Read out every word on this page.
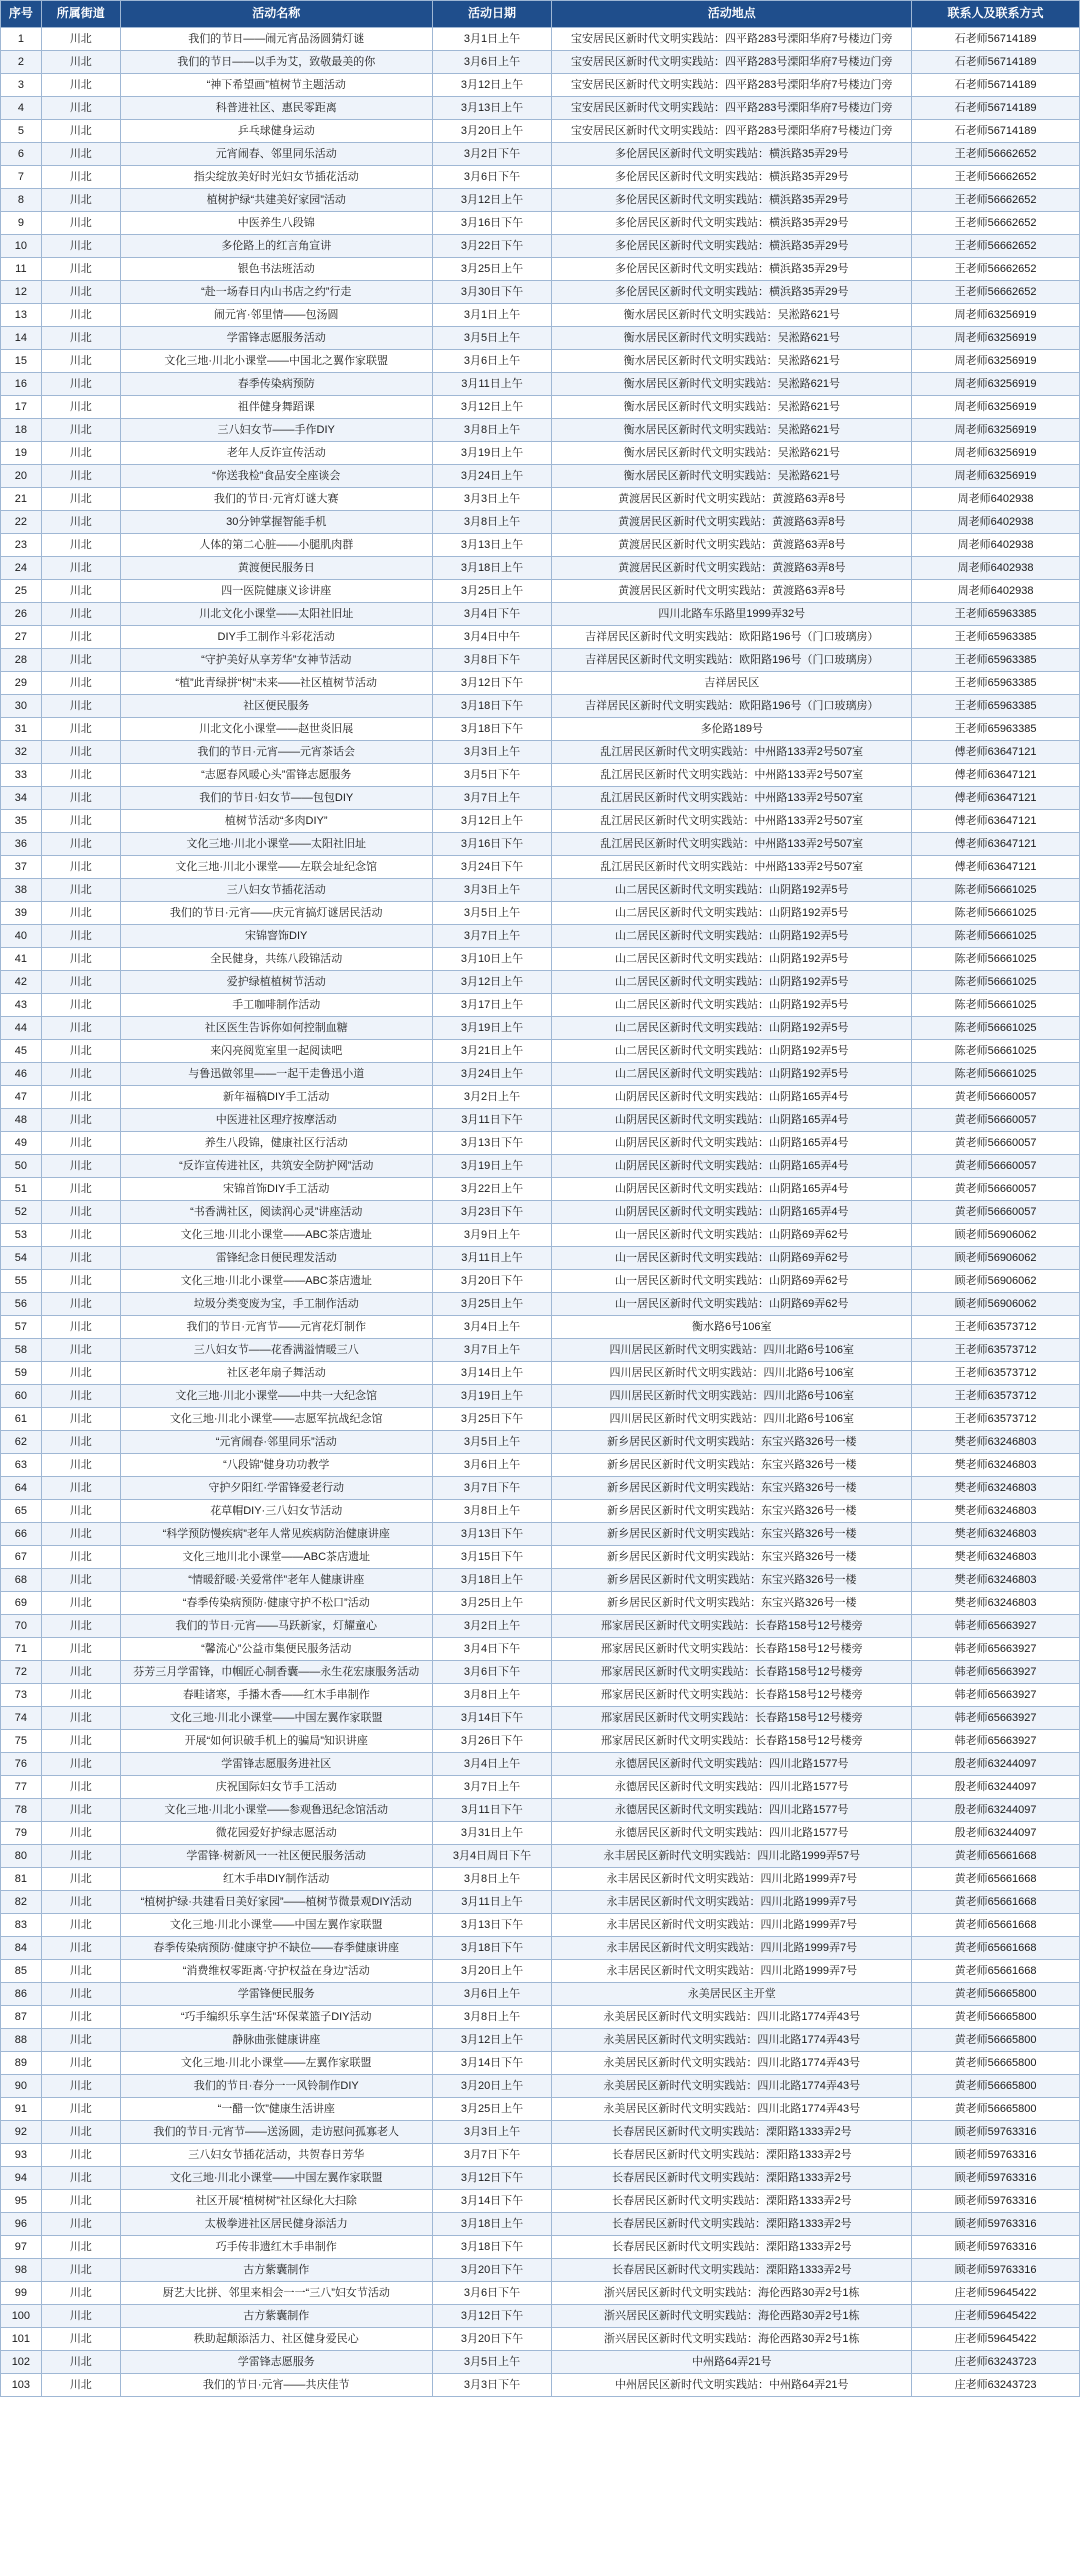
序号	所属街道	活动名称	活动日期	活动地点	联系人及联系方式
1	川北	我们的节日——闹元宵品汤圆猜灯谜	3月1日上午	宝安居民区新时代文明实践站：四平路283号溧阳华府7号楼边门旁	石老师56714189
2	川北	我们的节日——以手为艾，致敬最美的你	3月6日上午	宝安居民区新时代文明实践站：四平路283号溧阳华府7号楼边门旁	石老师56714189
3	川北	“神下希望画”植树节主题活动	3月12日上午	宝安居民区新时代文明实践站：四平路283号溧阳华府7号楼边门旁	石老师56714189
4	川北	科普进社区、惠民零距离	3月13日上午	宝安居民区新时代文明实践站：四平路283号溧阳华府7号楼边门旁	石老师56714189
5	川北	乒乓球健身运动	3月20日上午	宝安居民区新时代文明实践站：四平路283号溧阳华府7号楼边门旁	石老师56714189
6	川北	元宵闹春、邻里同乐活动	3月2日下午	多伦居民区新时代文明实践站：横浜路35弄29号	王老师56662652
7	川北	指尖绽放美好时光妇女节插花活动	3月6日下午	多伦居民区新时代文明实践站：横浜路35弄29号	王老师56662652
8	川北	植树护绿“共建美好家园”活动	3月12日上午	多伦居民区新时代文明实践站：横浜路35弄29号	王老师56662652
9	川北	中医养生八段锦	3月16日下午	多伦居民区新时代文明实践站：横浜路35弄29号	王老师56662652
10	川北	多伦路上的红言角宣讲	3月22日下午	多伦居民区新时代文明实践站：横浜路35弄29号	王老师56662652
11	川北	银色书法班活动	3月25日上午	多伦居民区新时代文明实践站：横浜路35弄29号	王老师56662652
12	川北	“赴一场春日内山书店之约”行走	3月30日下午	多伦居民区新时代文明实践站：横浜路35弄29号	王老师56662652
13	川北	闹元宵·邻里情——包汤圆	3月1日上午	衡水居民区新时代文明实践站：吴淞路621号	周老师63256919
14	川北	学雷锋志愿服务活动	3月5日上午	衡水居民区新时代文明实践站：吴淞路621号	周老师63256919
15	川北	文化三地·川北小课堂——中国北之翼作家联盟	3月6日上午	衡水居民区新时代文明实践站：吴淞路621号	周老师63256919
16	川北	春季传染病预防	3月11日上午	衡水居民区新时代文明实践站：吴淞路621号	周老师63256919
17	川北	祖伴健身舞蹈课	3月12日上午	衡水居民区新时代文明实践站：吴淞路621号	周老师63256919
18	川北	三八妇女节——手作DIY	3月8日上午	衡水居民区新时代文明实践站：吴淞路621号	周老师63256919
19	川北	老年人反诈宣传活动	3月19日上午	衡水居民区新时代文明实践站：吴淞路621号	周老师63256919
20	川北	“你送我检”食品安全座谈会	3月24日上午	衡水居民区新时代文明实践站：吴淞路621号	周老师63256919
21	川北	我们的节日·元宵灯谜大赛	3月3日上午	黄渡居民区新时代文明实践站：黄渡路63弄8号	周老师6402938
22	川北	30分钟掌握智能手机	3月8日上午	黄渡居民区新时代文明实践站：黄渡路63弄8号	周老师6402938
23	川北	人体的第二心脏——小腿肌肉群	3月13日上午	黄渡居民区新时代文明实践站：黄渡路63弄8号	周老师6402938
24	川北	黄渡便民服务日	3月18日上午	黄渡居民区新时代文明实践站：黄渡路63弄8号	周老师6402938
25	川北	四一医院健康义诊讲座	3月25日上午	黄渡居民区新时代文明实践站：黄渡路63弄8号	周老师6402938
26	川北	川北文化小课堂——太阳社旧址	3月4日下午	四川北路车乐路里1999弄32号	王老师65963385
27	川北	DIY手工制作斗彩花活动	3月4日中午	吉祥居民区新时代文明实践站：欧阳路196号（门口玻璃房）	王老师65963385
28	川北	“守护美好从享芳华”女神节活动	3月8日下午	吉祥居民区新时代文明实践站：欧阳路196号（门口玻璃房）	王老师65963385
29	川北	“植”此青绿拼“树”未来——社区植树节活动	3月12日下午	吉祥居民区	王老师65963385
30	川北	社区便民服务	3月18日下午	吉祥居民区新时代文明实践站：欧阳路196号（门口玻璃房）	王老师65963385
31	川北	川北文化小课堂——赵世炎旧展	3月18日下午	多伦路189号	王老师65963385
32	川北	我们的节日·元宵——元宵茶话会	3月3日上午	乱江居民区新时代文明实践站：中州路133弄2号507室	傅老师63647121
33	川北	“志愿春风暖心头”雷锋志愿服务	3月5日下午	乱江居民区新时代文明实践站：中州路133弄2号507室	傅老师63647121
34	川北	我们的节日·妇女节——包包DIY	3月7日上午	乱江居民区新时代文明实践站：中州路133弄2号507室	傅老师63647121
35	川北	植树节活动“多肉DIY”	3月12日上午	乱江居民区新时代文明实践站：中州路133弄2号507室	傅老师63647121
36	川北	文化三地·川北小课堂——太阳社旧址	3月16日下午	乱江居民区新时代文明实践站：中州路133弄2号507室	傅老师63647121
37	川北	文化三地·川北小课堂——左联会址纪念馆	3月24日下午	乱江居民区新时代文明实践站：中州路133弄2号507室	傅老师63647121
38	川北	三八妇女节插花活动	3月3日上午	山二居民区新时代文明实践站：山阴路192弄5号	陈老师56661025
39	川北	我们的节日·元宵——庆元宵搞灯谜居民活动	3月5日上午	山二居民区新时代文明实践站：山阴路192弄5号	陈老师56661025
40	川北	宋锦窨饰DIY	3月7日上午	山二居民区新时代文明实践站：山阴路192弄5号	陈老师56661025
41	川北	全民健身，共练八段锦活动	3月10日上午	山二居民区新时代文明实践站：山阴路192弄5号	陈老师56661025
42	川北	爱护绿植植树节活动	3月12日上午	山二居民区新时代文明实践站：山阴路192弄5号	陈老师56661025
43	川北	手工咖啡制作活动	3月17日上午	山二居民区新时代文明实践站：山阴路192弄5号	陈老师56661025
44	川北	社区医生告诉你如何控制血糖	3月19日上午	山二居民区新时代文明实践站：山阴路192弄5号	陈老师56661025
45	川北	来闪亮阅览室里一起阅读吧	3月21日上午	山二居民区新时代文明实践站：山阴路192弄5号	陈老师56661025
46	川北	与鲁迅做邻里——一起干走鲁迅小道	3月24日上午	山二居民区新时代文明实践站：山阴路192弄5号	陈老师56661025
47	川北	新年福稿DIY手工活动	3月2日上午	山阴居民区新时代文明实践站：山阴路165弄4号	黄老师56660057
48	川北	中医进社区理疗按摩活动	3月11日下午	山阴居民区新时代文明实践站：山阴路165弄4号	黄老师56660057
49	川北	养生八段锦，健康社区行活动	3月13日下午	山阴居民区新时代文明实践站：山阴路165弄4号	黄老师56660057
50	川北	“反诈宣传进社区，共筑安全防护网”活动	3月19日上午	山阴居民区新时代文明实践站：山阴路165弄4号	黄老师56660057
51	川北	宋锦首饰DIY手工活动	3月22日上午	山阴居民区新时代文明实践站：山阴路165弄4号	黄老师56660057
52	川北	“书香满社区，阅读润心灵”讲座活动	3月23日下午	山阴居民区新时代文明实践站：山阴路165弄4号	黄老师56660057
53	川北	文化三地·川北小课堂——ABC茶店遗址	3月9日上午	山一居民区新时代文明实践站：山阴路69弄62号	顾老师56906062
54	川北	雷锋纪念日便民理发活动	3月11日上午	山一居民区新时代文明实践站：山阴路69弄62号	顾老师56906062
55	川北	文化三地·川北小课堂——ABC茶店遗址	3月20日下午	山一居民区新时代文明实践站：山阴路69弄62号	顾老师56906062
56	川北	垃圾分类变废为宝，手工制作活动	3月25日上午	山一居民区新时代文明实践站：山阴路69弄62号	顾老师56906062
57	川北	我们的节日·元宵节——元宵花灯制作	3月4日上午	衡水路6号106室	王老师63573712
58	川北	三八妇女节——花香满溢情暖三八	3月7日上午	四川居民区新时代文明实践站：四川北路6号106室	王老师63573712
59	川北	社区老年扇子舞活动	3月14日上午	四川居民区新时代文明实践站：四川北路6号106室	王老师63573712
60	川北	文化三地·川北小课堂——中共一大纪念馆	3月19日上午	四川居民区新时代文明实践站：四川北路6号106室	王老师63573712
61	川北	文化三地·川北小课堂——志愿军抗战纪念馆	3月25日下午	四川居民区新时代文明实践站：四川北路6号106室	王老师63573712
62	川北	“元宵闹春·邻里同乐”活动	3月5日上午	新乡居民区新时代文明实践站：东宝兴路326号一楼	樊老师63246803
63	川北	“八段锦”健身功功教学	3月6日上午	新乡居民区新时代文明实践站：东宝兴路326号一楼	樊老师63246803
64	川北	守护夕阳红·学雷锋爱老行动	3月7日下午	新乡居民区新时代文明实践站：东宝兴路326号一楼	樊老师63246803
65	川北	花草帽DIY·三八妇女节活动	3月8日上午	新乡居民区新时代文明实践站：东宝兴路326号一楼	樊老师63246803
66	川北	“科学预防慢疾病”老年人常见疾病防治健康讲座	3月13日下午	新乡居民区新时代文明实践站：东宝兴路326号一楼	樊老师63246803
67	川北	文化三地川北小课堂——ABC茶店遗址	3月15日下午	新乡居民区新时代文明实践站：东宝兴路326号一楼	樊老师63246803
68	川北	“情暖舒暖·关爱常伴”老年人健康讲座	3月18日上午	新乡居民区新时代文明实践站：东宝兴路326号一楼	樊老师63246803
69	川北	“春季传染病预防·健康守护不松口”活动	3月25日上午	新乡居民区新时代文明实践站：东宝兴路326号一楼	樊老师63246803
70	川北	我们的节日·元宵——马跃新家，灯耀童心	3月2日上午	邢家居民区新时代文明实践站：长春路158号12号楼旁	韩老师65663927
71	川北	“馨流心”公益市集便民服务活动	3月4日下午	邢家居民区新时代文明实践站：长春路158号12号楼旁	韩老师65663927
72	川北	芬芳三月学雷锋，巾帼匠心制香囊——永生花宏康服务活动	3月6日下午	邢家居民区新时代文明实践站：长春路158号12号楼旁	韩老师65663927
73	川北	春畦诸寒，手播木香——红木手串制作	3月8日上午	邢家居民区新时代文明实践站：长春路158号12号楼旁	韩老师65663927
74	川北	文化三地·川北小课堂——中国左翼作家联盟	3月14日下午	邢家居民区新时代文明实践站：长春路158号12号楼旁	韩老师65663927
75	川北	开展“如何识破手机上的骗局”知识讲座	3月26日下午	邢家居民区新时代文明实践站：长春路158号12号楼旁	韩老师65663927
76	川北	学雷锋志愿服务进社区	3月4日上午	永德居民区新时代文明实践站：四川北路1577号	殷老师63244097
77	川北	庆祝国际妇女节手工活动	3月7日上午	永德居民区新时代文明实践站：四川北路1577号	殷老师63244097
78	川北	文化三地·川北小课堂——参观鲁迅纪念馆活动	3月11日下午	永德居民区新时代文明实践站：四川北路1577号	殷老师63244097
79	川北	微花园爱好护绿志愿活动	3月31日上午	永德居民区新时代文明实践站：四川北路1577号	殷老师63244097
80	川北	学雷锋·树新风一一社区便民服务活动	3月4日周日下午	永丰居民区新时代文明实践站：四川北路1999弄57号	黄老师65661668
81	川北	红木手串DIY制作活动	3月8日上午	永丰居民区新时代文明实践站：四川北路1999弄7号	黄老师65661668
82	川北	“植树护绿·共建看日美好家园”——植树节微景观DIY活动	3月11日上午	永丰居民区新时代文明实践站：四川北路1999弄7号	黄老师65661668
83	川北	文化三地·川北小课堂——中国左翼作家联盟	3月13日下午	永丰居民区新时代文明实践站：四川北路1999弄7号	黄老师65661668
84	川北	春季传染病预防·健康守护不缺位——春季健康讲座	3月18日下午	永丰居民区新时代文明实践站：四川北路1999弄7号	黄老师65661668
85	川北	“消费维权零距离·守护权益在身边”活动	3月20日上午	永丰居民区新时代文明实践站：四川北路1999弄7号	黄老师65661668
86	川北	学雷锋便民服务	3月6日上午	永美居民区主开堂	黄老师56665800
87	川北	“巧手编织乐享生活”环保菜篮子DIY活动	3月8日上午	永美居民区新时代文明实践站：四川北路1774弄43号	黄老师56665800
88	川北	静脉曲张健康讲座	3月12日上午	永美居民区新时代文明实践站：四川北路1774弄43号	黄老师56665800
89	川北	文化三地·川北小课堂——左翼作家联盟	3月14日下午	永美居民区新时代文明实践站：四川北路1774弄43号	黄老师56665800
90	川北	我们的节日·春分一一风铃制作DIY	3月20日上午	永美居民区新时代文明实践站：四川北路1774弄43号	黄老师56665800
91	川北	“一醋一饮”健康生活讲座	3月25日上午	永美居民区新时代文明实践站：四川北路1774弄43号	黄老师56665800
92	川北	我们的节日·元宵节——送汤圆，走访慰问孤寡老人	3月3日上午	长春居民区新时代文明实践站：溧阳路1333弄2号	顾老师59763316
93	川北	三八妇女节插花活动，共贺春日芳华	3月7日下午	长春居民区新时代文明实践站：溧阳路1333弄2号	顾老师59763316
94	川北	文化三地·川北小课堂——中国左翼作家联盟	3月12日下午	长春居民区新时代文明实践站：溧阳路1333弄2号	顾老师59763316
95	川北	社区开展“植树树”社区绿化大扫除	3月14日下午	长春居民区新时代文明实践站：溧阳路1333弄2号	顾老师59763316
96	川北	太极拳进社区居民健身添活力	3月18日上午	长春居民区新时代文明实践站：溧阳路1333弄2号	顾老师59763316
97	川北	巧手传非遗红木手串制作	3月18日下午	长春居民区新时代文明实践站：溧阳路1333弄2号	顾老师59763316
98	川北	古方紫囊制作	3月20日下午	长春居民区新时代文明实践站：溧阳路1333弄2号	顾老师59763316
99	川北	厨艺大比拼、邻里来相会一一“三八”妇女节活动	3月6日下午	浙兴居民区新时代文明实践站：海伦西路30弄2号1栋	庄老师59645422
100	川北	古方紫囊制作	3月12日下午	浙兴居民区新时代文明实践站：海伦西路30弄2号1栋	庄老师59645422
101	川北	秩助起颠添活力、社区健身爱民心	3月20日下午	浙兴居民区新时代文明实践站：海伦西路30弄2号1栋	庄老师59645422
102	川北	学雷锋志愿服务	3月5日上午	中州路64弄21号	庄老师63243723
103	川北	我们的节日·元宵——共庆佳节	3月3日下午	中州居民区新时代文明实践站：中州路64弄21号	庄老师63243723
